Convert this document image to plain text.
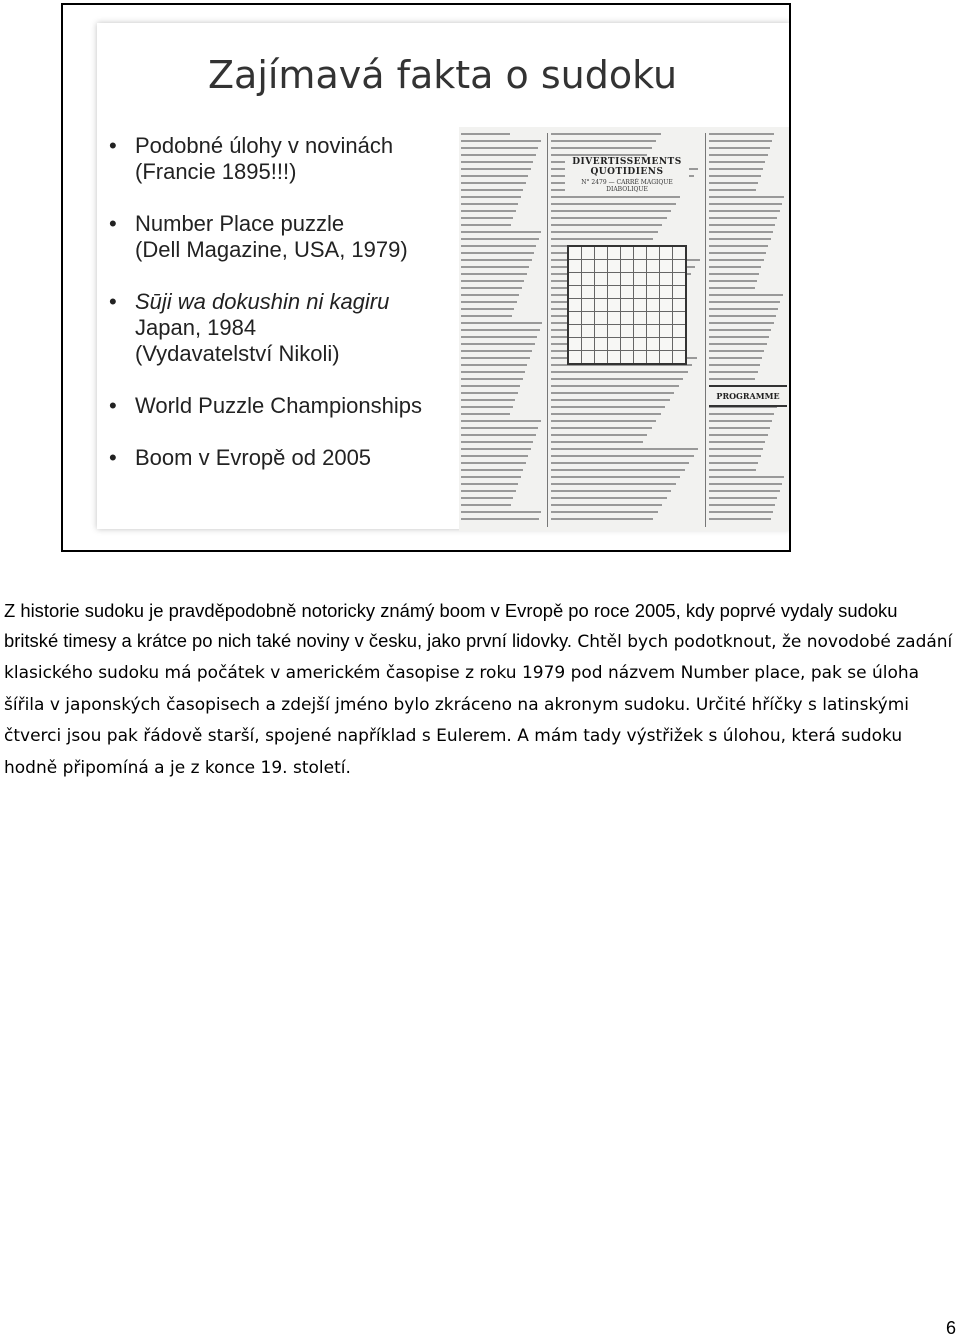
Zajímavá fakta o sudoku
• Podobné úlohy v novinách
(Francie 1895!!!)
• Number Place puzzle
(Dell Magazine, USA, 1979)
• Sūji wa dokushin ni kagiru
Japan, 1984
(Vydavatelství Nikoli)
• World Puzzle Championships
• Boom v Evropě od 2005
DIVERTISSEMENTS QUOTIDIENS
N° 2479 — CARRÉ MAGIQUE DIABOLIQUE
PROGRAMME

Z historie sudoku je pravděpodobně notoricky známý boom v Evropě po roce 2005, kdy poprvé vydaly sudoku britské timesy a krátce po nich také noviny v česku, jako první lidovky. Chtěl bych podotknout, že novodobé zadání klasického sudoku má počátek v americkém časopise z roku 1979 pod názvem Number place, pak se úloha šířila v japonských časopisech a zdejší jméno bylo zkráceno na akronym sudoku. Určité hříčky s latinskými čtverci jsou pak řádově starší, spojené například s Eulerem. A mám tady výstřižek s úlohou, která sudoku hodně připomíná a je z konce 19. století.

6
